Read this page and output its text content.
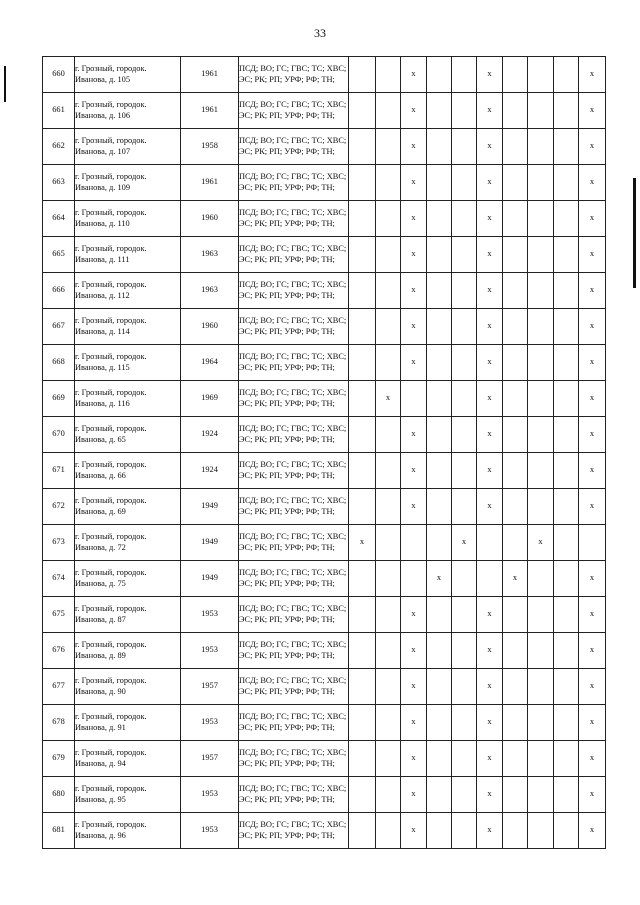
33
660	г. Грозный, городок. Иванова, д. 105	1961	ПСД; ВО; ГС; ГВС; ТС; ХВС; ЭС; РК; РП; УРФ; РФ; ТН;			x			x				x
661	г. Грозный, городок. Иванова, д. 106	1961	ПСД; ВО; ГС; ГВС; ТС; ХВС; ЭС; РК; РП; УРФ; РФ; ТН;			x			x				x
662	г. Грозный, городок. Иванова, д. 107	1958	ПСД; ВО; ГС; ГВС; ТС; ХВС; ЭС; РК; РП; УРФ; РФ; ТН;			x			x				x
663	г. Грозный, городок. Иванова, д. 109	1961	ПСД; ВО; ГС; ГВС; ТС; ХВС; ЭС; РК; РП; УРФ; РФ; ТН;			x			x				x
664	г. Грозный, городок. Иванова, д. 110	1960	ПСД; ВО; ГС; ГВС; ТС; ХВС; ЭС; РК; РП; УРФ; РФ; ТН;			x			x				x
665	г. Грозный, городок. Иванова, д. 111	1963	ПСД; ВО; ГС; ГВС; ТС; ХВС; ЭС; РК; РП; УРФ; РФ; ТН;			x			x				x
666	г. Грозный, городок. Иванова, д. 112	1963	ПСД; ВО; ГС; ГВС; ТС; ХВС; ЭС; РК; РП; УРФ; РФ; ТН;			x			x				x
667	г. Грозный, городок. Иванова, д. 114	1960	ПСД; ВО; ГС; ГВС; ТС; ХВС; ЭС; РК; РП; УРФ; РФ; ТН;			x			x				x
668	г. Грозный, городок. Иванова, д. 115	1964	ПСД; ВО; ГС; ГВС; ТС; ХВС; ЭС; РК; РП; УРФ; РФ; ТН;			x			x				x
669	г. Грозный, городок. Иванова, д. 116	1969	ПСД; ВО; ГС; ГВС; ТС; ХВС; ЭС; РК; РП; УРФ; РФ; ТН;		x				x				x
670	г. Грозный, городок. Иванова, д. 65	1924	ПСД; ВО; ГС; ГВС; ТС; ХВС; ЭС; РК; РП; УРФ; РФ; ТН;			x			x				x
671	г. Грозный, городок. Иванова, д. 66	1924	ПСД; ВО; ГС; ГВС; ТС; ХВС; ЭС; РК; РП; УРФ; РФ; ТН;			x			x				x
672	г. Грозный, городок. Иванова, д. 69	1949	ПСД; ВО; ГС; ГВС; ТС; ХВС; ЭС; РК; РП; УРФ; РФ; ТН;			x			x				x
673	г. Грозный, городок. Иванова, д. 72	1949	ПСД; ВО; ГС; ГВС; ТС; ХВС; ЭС; РК; РП; УРФ; РФ; ТН;	x				x			x		
674	г. Грозный, городок. Иванова, д. 75	1949	ПСД; ВО; ГС; ГВС; ТС; ХВС; ЭС; РК; РП; УРФ; РФ; ТН;				x			x			x
675	г. Грозный, городок. Иванова, д. 87	1953	ПСД; ВО; ГС; ГВС; ТС; ХВС; ЭС; РК; РП; УРФ; РФ; ТН;			x			x				x
676	г. Грозный, городок. Иванова, д. 89	1953	ПСД; ВО; ГС; ГВС; ТС; ХВС; ЭС; РК; РП; УРФ; РФ; ТН;			x			x				x
677	г. Грозный, городок. Иванова, д. 90	1957	ПСД; ВО; ГС; ГВС; ТС; ХВС; ЭС; РК; РП; УРФ; РФ; ТН;			x			x				x
678	г. Грозный, городок. Иванова, д. 91	1953	ПСД; ВО; ГС; ГВС; ТС; ХВС; ЭС; РК; РП; УРФ; РФ; ТН;			x			x				x
679	г. Грозный, городок. Иванова, д. 94	1957	ПСД; ВО; ГС; ГВС; ТС; ХВС; ЭС; РК; РП; УРФ; РФ; ТН;			x			x				x
680	г. Грозный, городок. Иванова, д. 95	1953	ПСД; ВО; ГС; ГВС; ТС; ХВС; ЭС; РК; РП; УРФ; РФ; ТН;			x			x				x
681	г. Грозный, городок. Иванова, д. 96	1953	ПСД; ВО; ГС; ГВС; ТС; ХВС; ЭС; РК; РП; УРФ; РФ; ТН;			x			x				x
